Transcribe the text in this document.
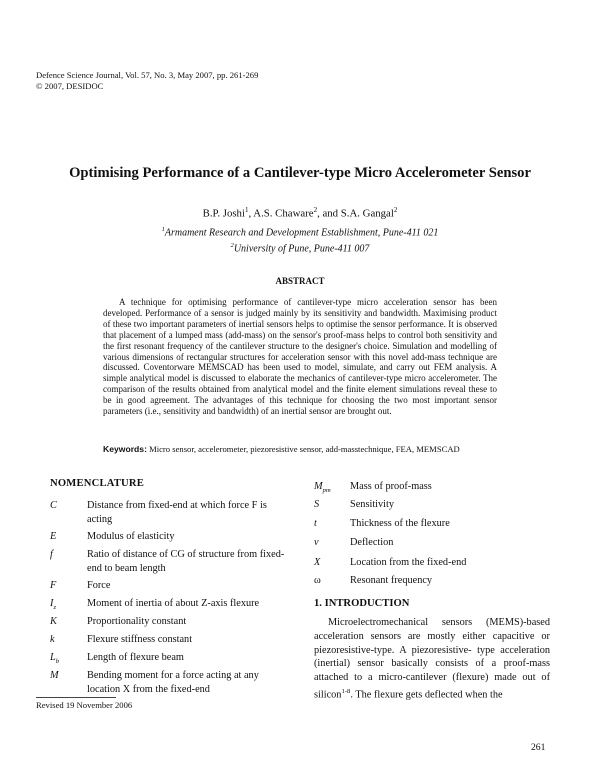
Defence Science Journal, Vol. 57, No. 3, May 2007, pp. 261-269
© 2007, DESIDOC
Optimising Performance of a Cantilever-type Micro Accelerometer Sensor
B.P. Joshi$^1$, A.S. Chaware$^2$, and S.A. Gangal$^2$
$^1$Armament Research and Development Establishment, Pune-411 021
$^2$University of Pune, Pune-411 007
ABSTRACT
A technique for optimising performance of cantilever-type micro acceleration sensor has been developed. Performance of a sensor is judged mainly by its sensitivity and bandwidth. Maximising product of these two important parameters of inertial sensors helps to optimise the sensor performance. It is observed that placement of a lumped mass (add-mass) on the sensor's proof-mass helps to control both sensitivity and the first resonant frequency of the cantilever structure to the designer's choice. Simulation and modelling of various dimensions of rectangular structures for acceleration sensor with this novel add-mass technique are discussed. Coventorware MEMSCAD has been used to model, simulate, and carry out FEM analysis. A simple analytical model is discussed to elaborate the mechanics of cantilever-type micro accelerometer. The comparison of the results obtained from analytical model and the finite element simulations reveal these to be in good agreement. The advantages of this technique for choosing the two most important sensor parameters (i.e., sensitivity and bandwidth) of an inertial sensor are brought out.
Keywords: Micro sensor, accelerometer, piezoresistive sensor, add-masstechnique, FEA, MEMSCAD
NOMENCLATURE
C	Distance from fixed-end at which force F is acting
E	Modulus of elasticity
f	Ratio of distance of CG of structure from fixed-end to beam length
F	Force
$I_z$	Moment of inertia of about Z-axis flexure
K	Proportionality constant
k	Flexure stiffness constant
$L_b$	Length of flexure beam
M	Bending moment for a force acting at any location X from the fixed-end
$M_{pm}$ Mass of proof-mass
S	Sensitivity
t	Thickness of the flexure
v	Deflection
X	Location from the fixed-end
ω	Resonant frequency
1. INTRODUCTION
Microelectromechanical sensors (MEMS)-based acceleration sensors are mostly either capacitive or piezoresistive-type. A piezoresistive- type acceleration (inertial) sensor basically consists of a proof-mass attached to a micro-cantilever (flexure) made out of silicon$^{1-8}$. The flexure gets deflected when the
Revised 19 November 2006
261
